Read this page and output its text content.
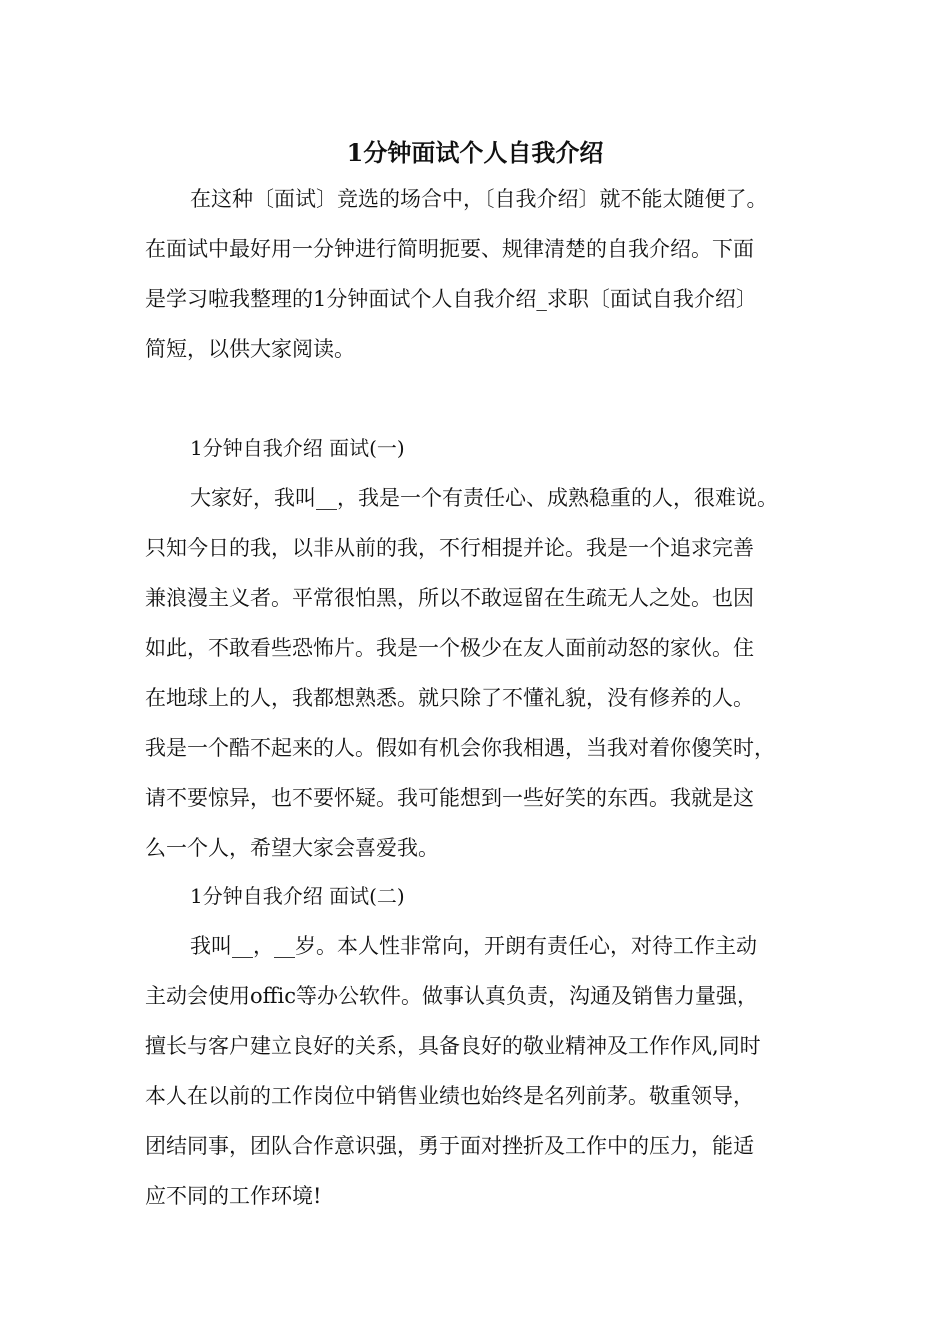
1分钟面试个人自我介绍

在这种〔面试〕竞选的场合中，〔自我介绍〕就不能太随便了。

在面试中最好用一分钟进行简明扼要、规律清楚的自我介绍。下面

是学习啦我整理的1分钟面试个人自我介绍_求职〔面试自我介绍〕

简短，以供大家阅读。

1分钟自我介绍 面试(一)

大家好，我叫__，我是一个有责任心、成熟稳重的人，很难说。

只知今日的我，以非从前的我，不行相提并论。我是一个追求完善

兼浪漫主义者。平常很怕黑，所以不敢逗留在生疏无人之处。也因

如此，不敢看些恐怖片。我是一个极少在友人面前动怒的家伙。住

在地球上的人，我都想熟悉。就只除了不懂礼貌，没有修养的人。

我是一个酷不起来的人。假如有机会你我相遇，当我对着你傻笑时，

请不要惊异，也不要怀疑。我可能想到一些好笑的东西。我就是这

么一个人，希望大家会喜爱我。

1分钟自我介绍 面试(二)

我叫__，__岁。本人性非常向，开朗有责任心，对待工作主动

主动会使用offic等办公软件。做事认真负责，沟通及销售力量强，

擅长与客户建立良好的关系，具备良好的敬业精神及工作作风,同时

本人在以前的工作岗位中销售业绩也始终是名列前茅。敬重领导，

团结同事，团队合作意识强，勇于面对挫折及工作中的压力，能适

应不同的工作环境!
